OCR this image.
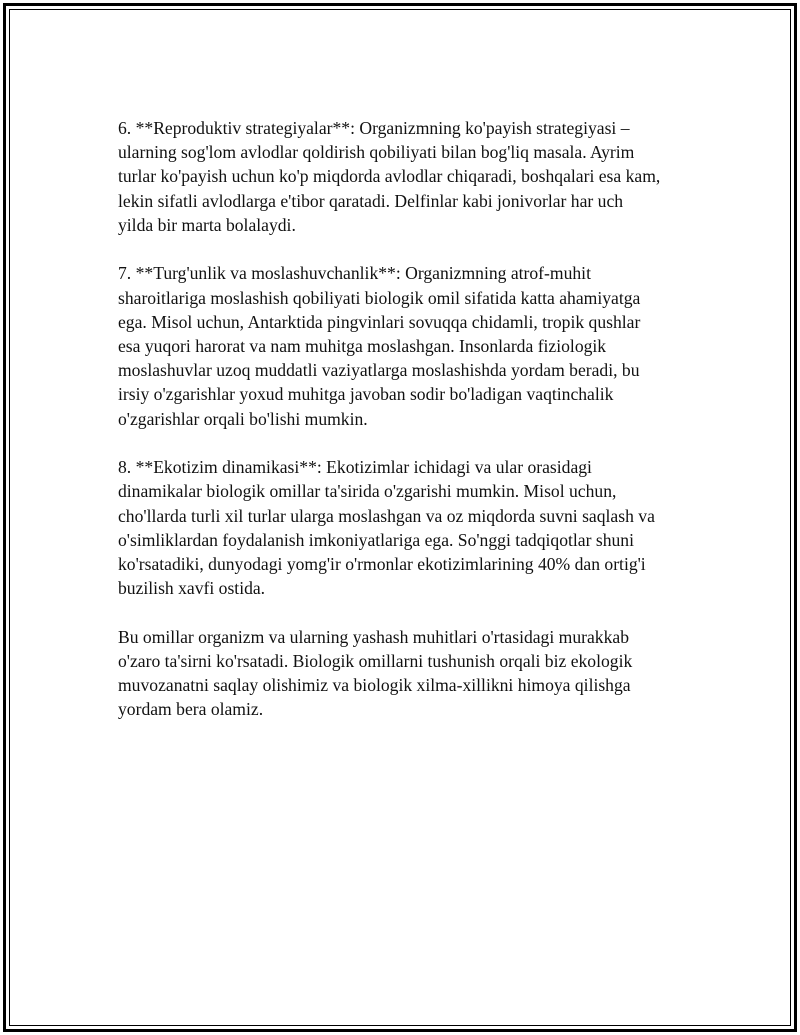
6. **Reproduktiv strategiyalar**: Organizmning ko'payish strategiyasi –
ularning sog'lom avlodlar qoldirish qobiliyati bilan bog'liq masala. Ayrim
turlar ko'payish uchun ko'p miqdorda avlodlar chiqaradi, boshqalari esa kam,
lekin sifatli avlodlarga e'tibor qaratadi. Delfinlar kabi jonivorlar har uch
yilda bir marta bolalaydi.

7. **Turg'unlik va moslashuvchanlik**: Organizmning atrof-muhit
sharoitlariga moslashish qobiliyati biologik omil sifatida katta ahamiyatga
ega. Misol uchun, Antarktida pingvinlari sovuqqa chidamli, tropik qushlar
esa yuqori harorat va nam muhitga moslashgan. Insonlarda fiziologik
moslashuvlar uzoq muddatli vaziyatlarga moslashishda yordam beradi, bu
irsiy o'zgarishlar yoxud muhitga javoban sodir bo'ladigan vaqtinchalik
o'zgarishlar orqali bo'lishi mumkin.

8. **Ekotizim dinamikasi**: Ekotizimlar ichidagi va ular orasidagi
dinamikalar biologik omillar ta'sirida o'zgarishi mumkin. Misol uchun,
cho'llarda turli xil turlar ularga moslashgan va oz miqdorda suvni saqlash va
o'simliklardan foydalanish imkoniyatlariga ega. So'nggi tadqiqotlar shuni
ko'rsatadiki, dunyodagi yomg'ir o'rmonlar ekotizimlarining 40% dan ortig'i
buzilish xavfi ostida.

Bu omillar organizm va ularning yashash muhitlari o'rtasidagi murakkab
o'zaro ta'sirni ko'rsatadi. Biologik omillarni tushunish orqali biz ekologik
muvozanatni saqlay olishimiz va biologik xilma-xillikni himoya qilishga
yordam bera olamiz.
